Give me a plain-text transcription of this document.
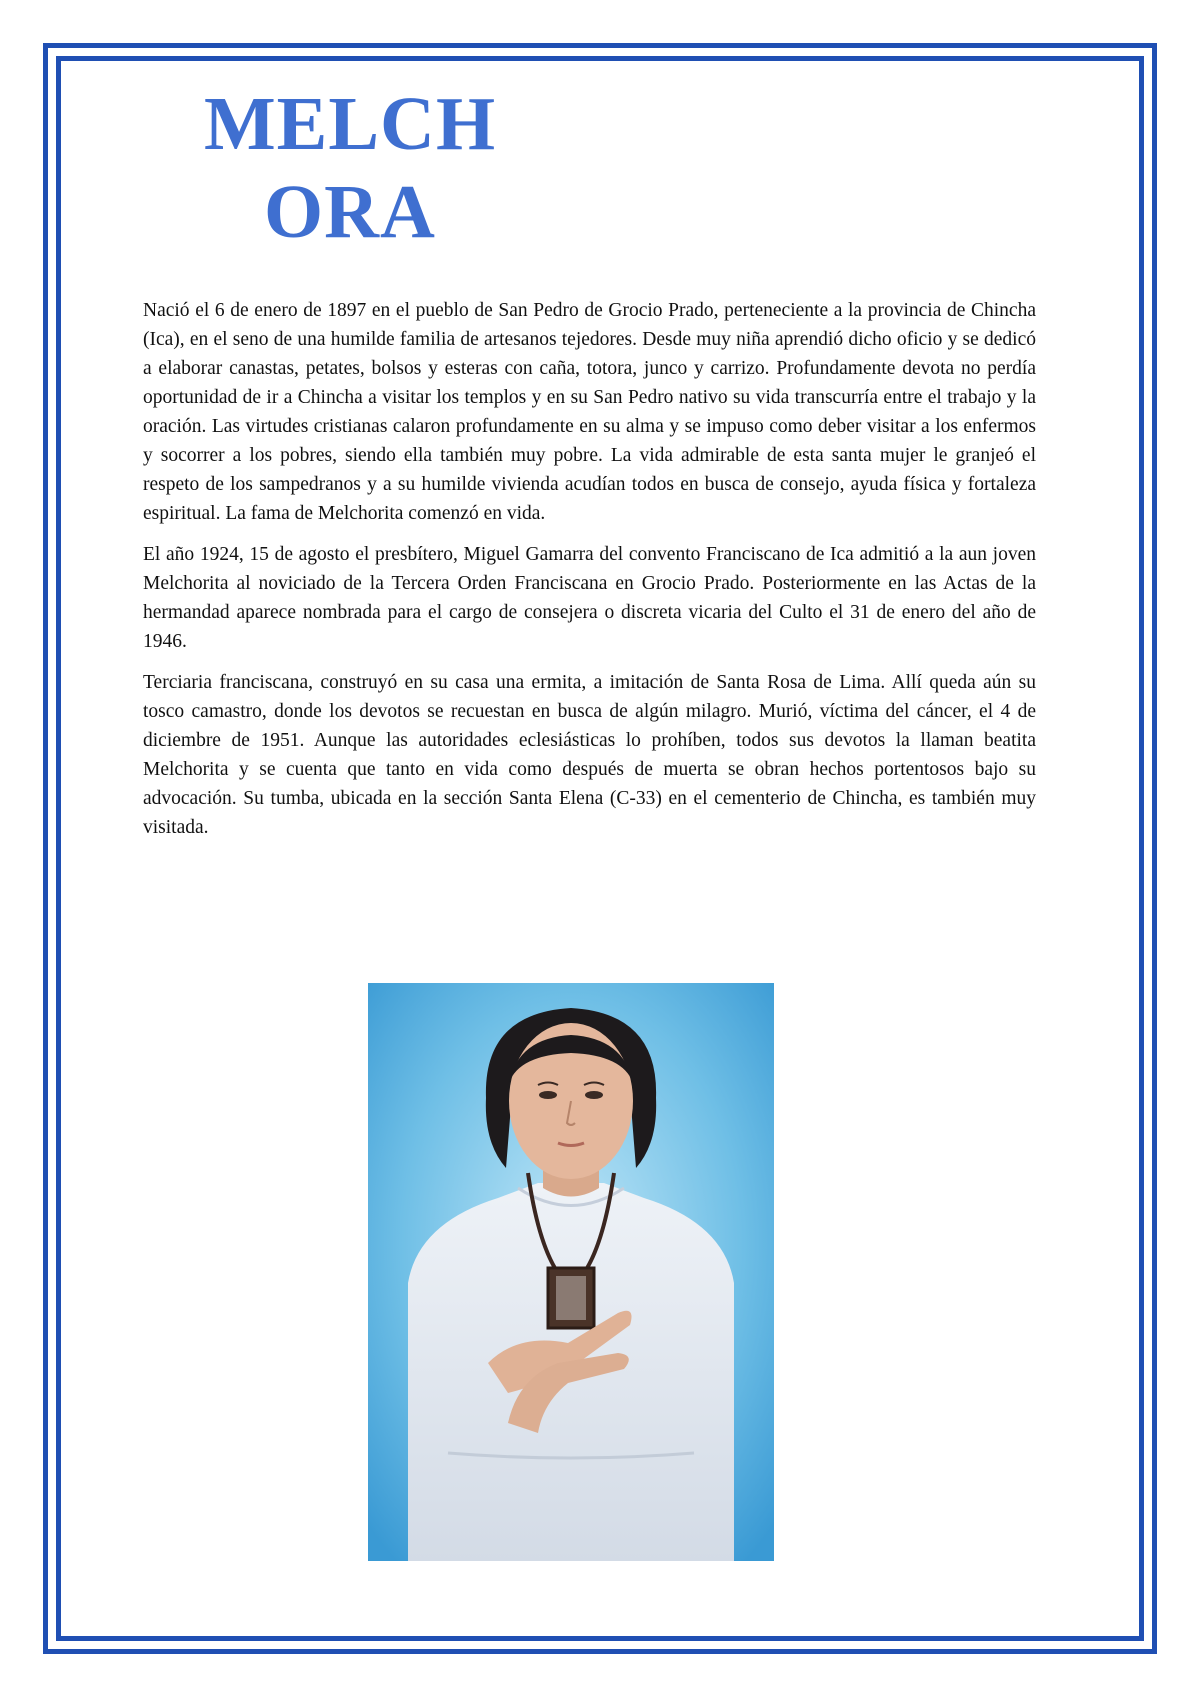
MELCH
ORA

Nació el 6 de enero de 1897 en el pueblo de San Pedro de Grocio Prado, perteneciente a la provincia de Chincha (Ica), en el seno de una humilde familia de artesanos tejedores. Desde muy niña aprendió dicho oficio y se dedicó a elaborar canastas, petates, bolsos y esteras con caña, totora, junco y carrizo. Profundamente devota no perdía oportunidad de ir a Chincha a visitar los templos y en su San Pedro nativo su vida transcurría entre el trabajo y la oración. Las virtudes cristianas calaron profundamente en su alma y se impuso como deber visitar a los enfermos y socorrer a los pobres, siendo ella también muy pobre. La vida admirable de esta santa mujer le granjeó el respeto de los sampedranos y a su humilde vivienda acudían todos en busca de consejo, ayuda física y fortaleza espiritual. La fama de Melchorita comenzó en vida.

El año 1924, 15 de agosto el presbítero, Miguel Gamarra del convento Franciscano de Ica admitió a la aun joven Melchorita al noviciado de la Tercera Orden Franciscana en Grocio Prado. Posteriormente en las Actas de la hermandad aparece nombrada para el cargo de consejera o discreta vicaria del Culto el 31 de enero del año de 1946.

Terciaria franciscana, construyó en su casa una ermita, a imitación de Santa Rosa de Lima. Allí queda aún su tosco camastro, donde los devotos se recuestan en busca de algún milagro. Murió, víctima del cáncer, el 4 de diciembre de 1951. Aunque las autoridades eclesiásticas lo prohíben, todos sus devotos la llaman beatita Melchorita y se cuenta que tanto en vida como después de muerta se obran hechos portentosos bajo su advocación. Su tumba, ubicada en la sección Santa Elena (C-33) en el cementerio de Chincha, es también muy visitada.
